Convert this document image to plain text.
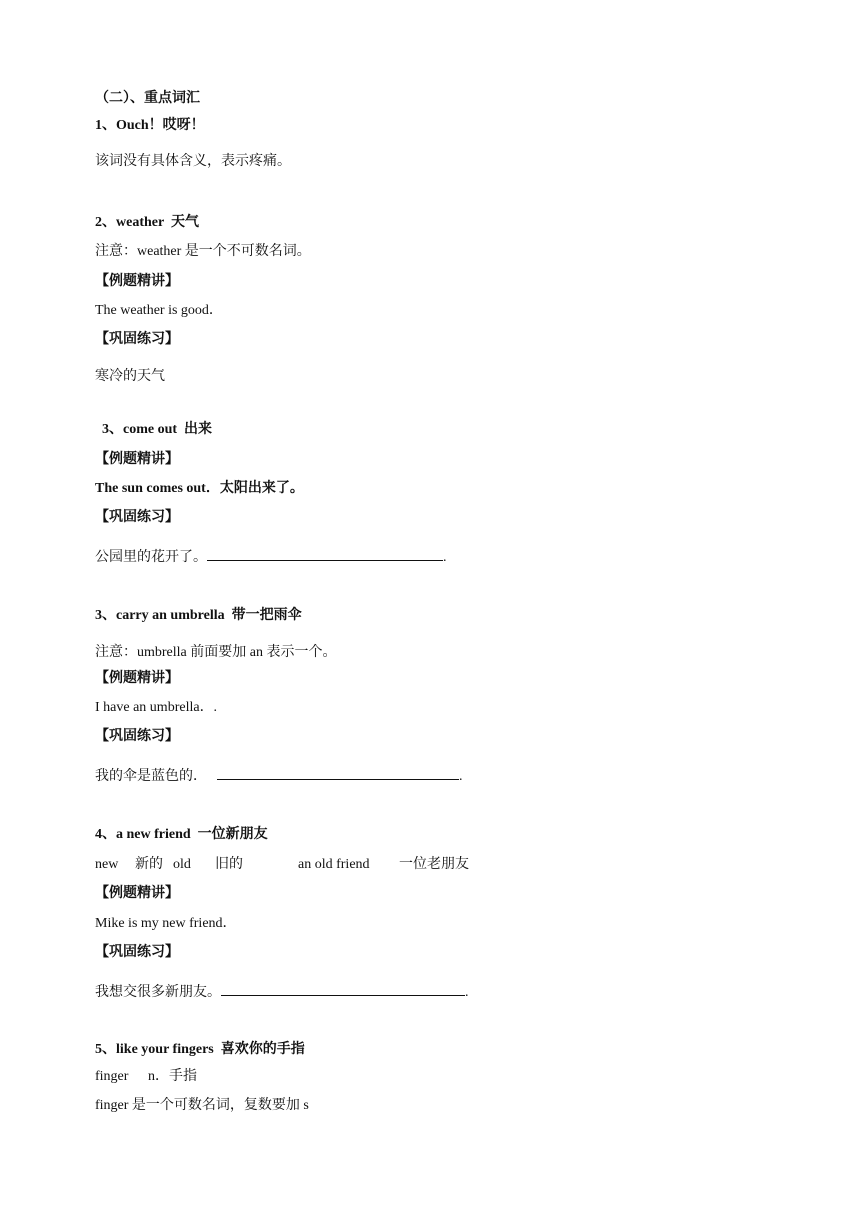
（二）、重点词汇
1、Ouch！哎呀！
该词没有具体含义，表示疼痛。
2、weather  天气
注意：weather 是一个不可数名词。
【例题精讲】
The weather is good．
【巩固练习】
寒冷的天气
3、come out  出来
【例题精讲】
The sun comes out．太阳出来了。
【巩固练习】
公园里的花开了。	.
3、carry an umbrella  带一把雨伞
注意：umbrella 前面要加 an 表示一个。
【例题精讲】
I have an umbrella．.
【巩固练习】
我的伞是蓝色的．	.
4、a new friend  一位新朋友
new 新的 old 旧的	an old friend 一位老朋友
【例题精讲】
Mike is my new friend．
【巩固练习】
我想交很多新朋友。	.
5、like your fingers  喜欢你的手指
finger n．手指
finger 是一个可数名词，复数要加 s
